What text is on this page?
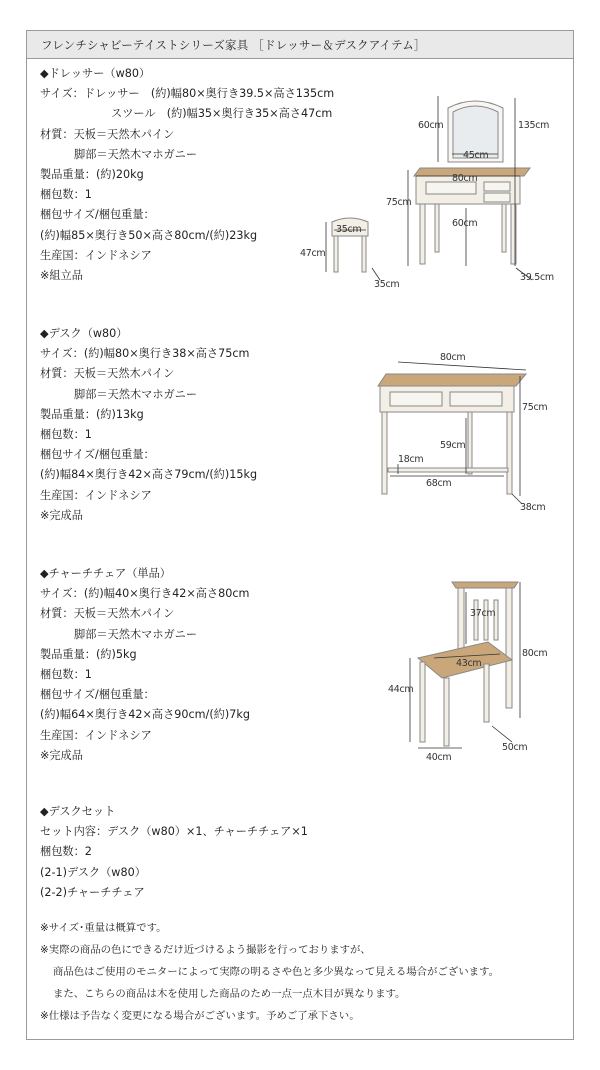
フレンチシャビーテイストシリーズ家具 ［ドレッサー＆デスクアイテム］
◆ドレッサー（w80）
サイズ：ドレッサー　(約)幅80×奥行き39.5×高さ135cm
スツール　(約)幅35×奥行き35×高さ47cm
材質：天板＝天然木パイン
脚部＝天然木マホガニー
製品重量：(約)20kg
梱包数：1
梱包サイズ/梱包重量：
(約)幅85×奥行き50×高さ80cm/(約)23kg
生産国：インドネシア
※組立品
◆デスク（w80）
サイズ：(約)幅80×奥行き38×高さ75cm
材質：天板＝天然木パイン
脚部＝天然木マホガニー
製品重量：(約)13kg
梱包数：1
梱包サイズ/梱包重量：
(約)幅84×奥行き42×高さ79cm/(約)15kg
生産国：インドネシア
※完成品
◆チャーチチェア（単品）
サイズ：(約)幅40×奥行き42×高さ80cm
材質：天板＝天然木パイン
脚部＝天然木マホガニー
製品重量：(約)5kg
梱包数：1
梱包サイズ/梱包重量：
(約)幅64×奥行き42×高さ90cm/(約)7kg
生産国：インドネシア
※完成品
◆デスクセット
セット内容：デスク（w80）×1、チャーチチェア×1
梱包数：2
(2-1)デスク（w80）
(2-2)チャーチチェア
※サイズ･重量は概算です。
※実際の商品の色にできるだけ近づけるよう撮影を行っておりますが、
商品色はご使用のモニターによって実際の明るさや色と多少異なって見える場合がございます。
また、こちらの商品は木を使用した商品のため一点一点木目が異なります。
※仕様は予告なく変更になる場合がございます。予めご了承下さい。
60cm	135cm
45cm
80cm
75cm
60cm
39.5cm
35cm
47cm
35cm
80cm
75cm
59cm
18cm
68cm
38cm
37cm
80cm
43cm
44cm
40cm
50cm
